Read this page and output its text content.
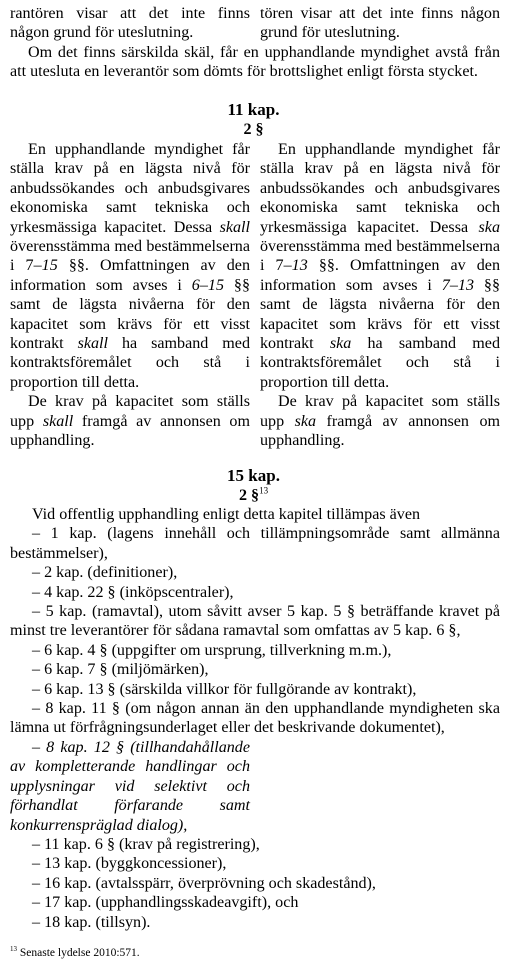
rantören visar att det inte finns någon grund för uteslutning.

tören visar att det inte finns någon grund för uteslutning.

Om det finns särskilda skäl, får en upphandlande myndighet avstå från att utesluta en leverantör som dömts för brottslighet enligt första stycket.

11 kap.

2 §

En upphandlande myndighet får ställa krav på en lägsta nivå för anbudssökandes och anbudsgivares ekonomiska samt tekniska och yrkesmässiga kapacitet. Dessa skall överensstämma med bestämmelserna i 7–15 §§. Omfattningen av den information som avses i 6–15 §§ samt de lägsta nivåerna för den kapacitet som krävs för ett visst kontrakt skall ha samband med kontraktsföremålet och stå i proportion till detta.

De krav på kapacitet som ställs upp skall framgå av annonsen om upphandling.

En upphandlande myndighet får ställa krav på en lägsta nivå för anbudssökandes och anbudsgivares ekonomiska samt tekniska och yrkesmässiga kapacitet. Dessa ska överensstämma med bestämmelserna i 7–13 §§. Omfattningen av den information som avses i 7–13 §§ samt de lägsta nivåerna för den kapacitet som krävs för ett visst kontrakt ska ha samband med kontraktsföremålet och stå i proportion till detta.

De krav på kapacitet som ställs upp ska framgå av annonsen om upphandling.

15 kap.

2 §$^{13}$

Vid offentlig upphandling enligt detta kapitel tillämpas även

– 1 kap. (lagens innehåll och tillämpningsområde samt allmänna bestämmelser),

– 2 kap. (definitioner),

– 4 kap. 22 § (inköpscentraler),

– 5 kap. (ramavtal), utom såvitt avser 5 kap. 5 § beträffande kravet på minst tre leverantörer för sådana ramavtal som omfattas av 5 kap. 6 §,

– 6 kap. 4 § (uppgifter om ursprung, tillverkning m.m.),

– 6 kap. 7 § (miljömärken),

– 6 kap. 13 § (särskilda villkor för fullgörande av kontrakt),

– 8 kap. 11 § (om någon annan än den upphandlande myndigheten ska lämna ut förfrågningsunderlaget eller det beskrivande dokumentet),

– 8 kap. 12 § (tillhandahållande av kompletterande handlingar och upplysningar vid selektivt och förhandlat förfarande samt konkurrenspräglad dialog),

– 11 kap. 6 § (krav på registrering),

– 13 kap. (byggkoncessioner),

– 16 kap. (avtalsspärr, överprövning och skadestånd),

– 17 kap. (upphandlingsskadeavgift), och

– 18 kap. (tillsyn).

$^{13}$ Senaste lydelse 2010:571.
